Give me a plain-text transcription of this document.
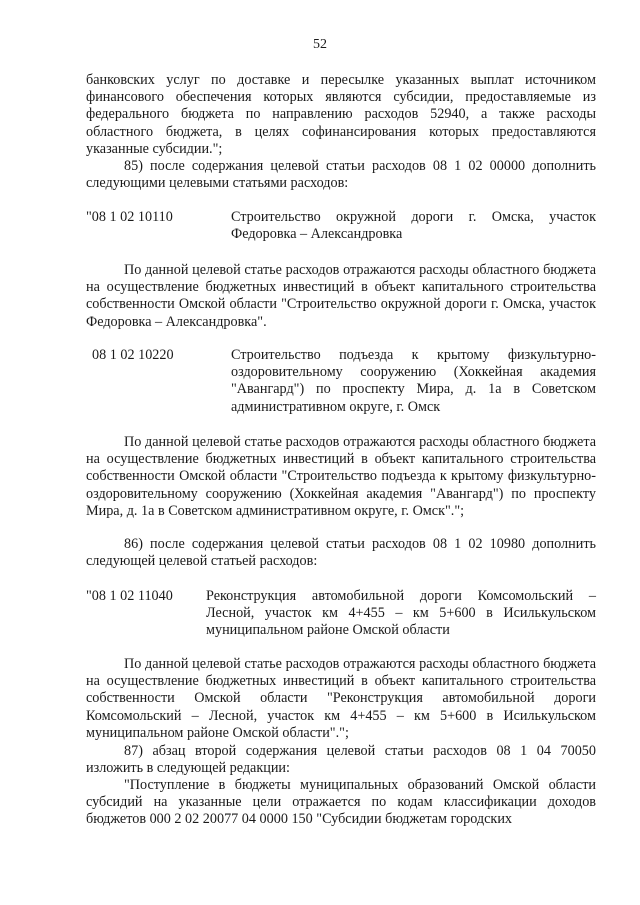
52
банковских услуг по доставке и пересылке указанных выплат источником финансового обеспечения которых являются субсидии, предоставляемые из федерального бюджета по направлению расходов 52940, а также расходы областного бюджета, в целях софинансирования которых предоставляются указанные субсидии.";
85) после содержания целевой статьи расходов 08 1 02 00000 дополнить следующими целевыми статьями расходов:
"08 1 02 10110	Строительство окружной дороги г. Омска, участок Федоровка – Александровка
По данной целевой статье расходов отражаются расходы областного бюджета на осуществление бюджетных инвестиций в объект капитального строительства собственности Омской области "Строительство окружной дороги г. Омска, участок Федоровка – Александровка".
08 1 02 10220	Строительство подъезда к крытому физкультурно-оздоровительному сооружению (Хоккейная академия "Авангард") по проспекту Мира, д. 1а в Советском административном округе, г. Омск
По данной целевой статье расходов отражаются расходы областного бюджета на осуществление бюджетных инвестиций в объект капитального строительства собственности Омской области "Строительство подъезда к крытому физкультурно-оздоровительному сооружению (Хоккейная академия "Авангард") по проспекту Мира, д. 1а в Советском административном округе, г. Омск".";
86) после содержания целевой статьи расходов 08 1 02 10980 дополнить следующей целевой статьей расходов:
"08 1 02 11040 Реконструкция автомобильной дороги Комсомольский – Лесной, участок км 4+455 – км 5+600 в Исилькульском муниципальном районе Омской области
По данной целевой статье расходов отражаются расходы областного бюджета на осуществление бюджетных инвестиций в объект капитального строительства собственности Омской области "Реконструкция автомобильной дороги Комсомольский – Лесной, участок км 4+455 – км 5+600 в Исилькульском муниципальном районе Омской области".";
87) абзац второй содержания целевой статьи расходов 08 1 04 70050 изложить в следующей редакции:
"Поступление в бюджеты муниципальных образований Омской области субсидий на указанные цели отражается по кодам классификации доходов бюджетов 000 2 02 20077 04 0000 150 "Субсидии бюджетам городских
